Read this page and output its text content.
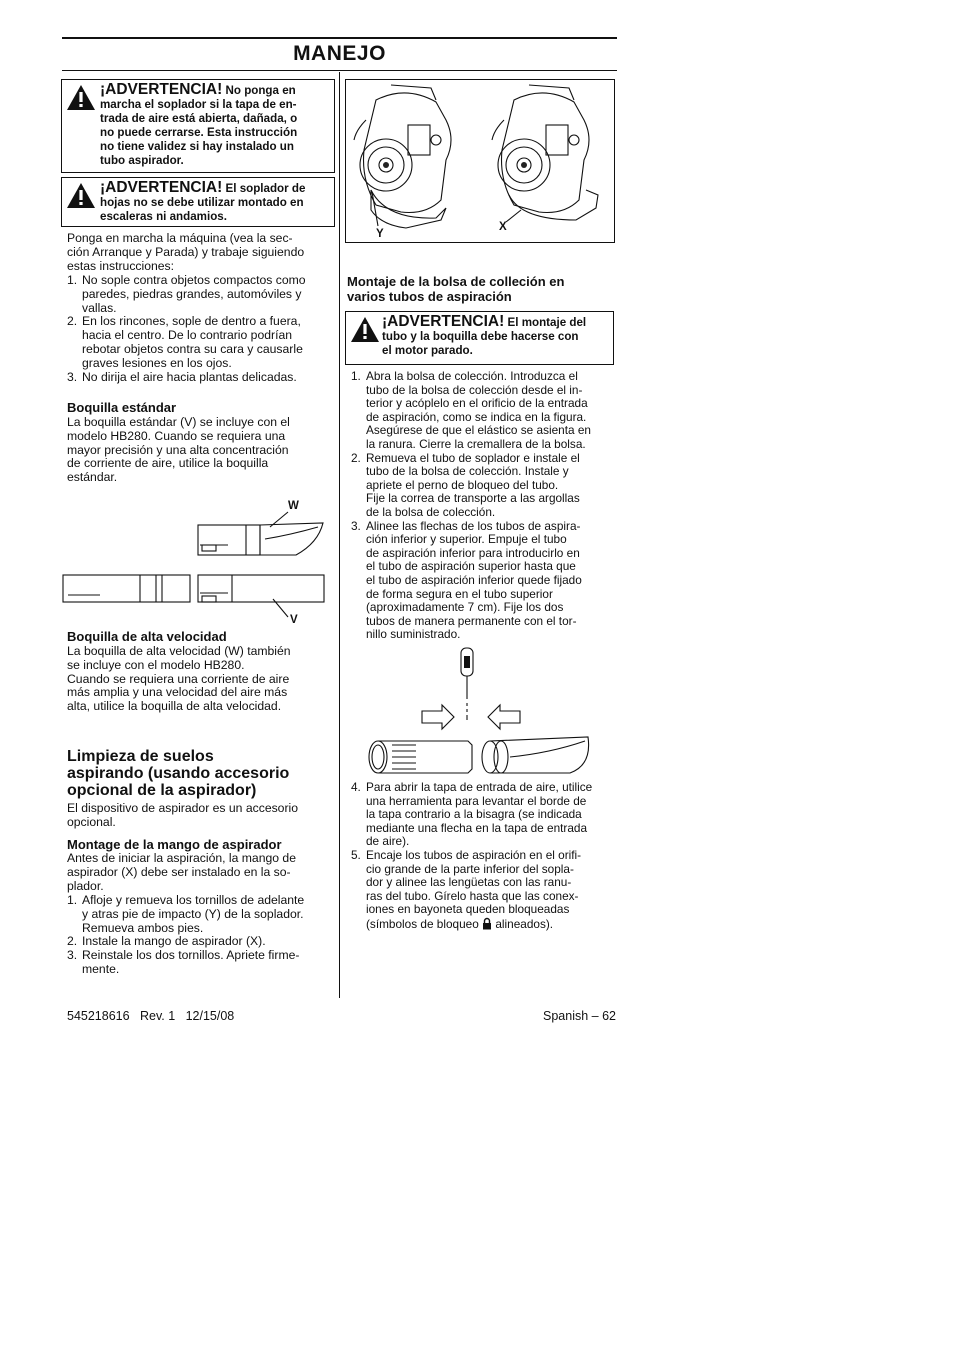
MANEJO
¡ADVERTENCIA! No ponga en
marcha el soplador si la tapa de en-
trada de aire está abierta, dañada, o
no puede cerrarse. Esta instrucción
no tiene validez si hay instalado un
tubo aspirador.
¡ADVERTENCIA! El soplador de
hojas no se debe utilizar montado en
escaleras ni andamios.
Ponga en marcha la máquina (vea la sec-
ción Arranque y Parada) y trabaje siguiendo
estas instrucciones:
1. No sople contra objetos compactos como
paredes, piedras grandes, automóviles y
vallas.
2. En los rincones, sople de dentro a fuera,
hacia el centro. De lo contrario podrían
rebotar objetos contra su cara y causarle
graves lesiones en los ojos.
3. No dirija el aire hacia plantas delicadas.
Boquilla estándar
La boquilla estándar (V) se incluye con el
modelo HB280. Cuando se requiera una
mayor precisión y una alta concentración
de corriente de aire, utilice la boquilla
estándar.
W
V
Boquilla de alta velocidad
La boquilla de alta velocidad (W) también
se incluye con el modelo HB280.
Cuando se requiera una corriente de aire
más amplia y una velocidad del aire más
alta, utilice la boquilla de alta velocidad.
Limpieza de suelos
aspirando (usando accesorio
opcional de la aspirador)
El dispositivo de aspirador es un accesorio
opcional.
Montage de la mango de aspirador
Antes de iniciar la aspiración, la mango de
aspirador (X) debe ser instalado en la so-
plador.
1. Afloje y remueva los tornillos de adelante
y atras pie de impacto (Y) de la soplador.
Remueva ambos pies.
2. Instale la mango de aspirador (X).
3. Reinstale los dos tornillos. Apriete firme-
mente.
Y
X
Montaje de la bolsa de colleción en
varios tubos de aspiración
¡ADVERTENCIA! El montaje del
tubo y la boquilla debe hacerse con
el motor parado.
1. Abra la bolsa de colección. Introduzca el
tubo de la bolsa de colección desde el in-
terior y acóplelo en el orificio de la entrada
de aspiración, como se indica en la figura.
Asegúrese de que el elástico se asienta en
la ranura. Cierre la cremallera de la bolsa.
2. Remueva el tubo de soplador e instale el
tubo de la bolsa de colección. Instale y
apriete el perno de bloqueo del tubo.
Fije la correa de transporte a las argollas
de la bolsa de colección.
3. Alinee las flechas de los tubos de aspira-
ción inferior y superior. Empuje el tubo
de aspiración inferior para introducirlo en
el tubo de aspiración superior hasta que
el tubo de aspiración inferior quede fijado
de forma segura en el tubo superior
(aproximadamente 7 cm). Fije los dos
tubos de manera permanente con el tor-
nillo suministrado.
4. Para abrir la tapa de entrada de aire, utilice
una herramienta para levantar el borde de
la tapa contrario a la bisagra (se indicada
mediante una flecha en la tapa de entrada
de aire).
5. Encaje los tubos de aspiración en el orifi-
cio grande de la parte inferior del sopla-
dor y alinee las lengüetas con las ranu-
ras del tubo. Gírelo hasta que las conex-
iones en bayoneta queden bloqueadas
(símbolos de bloqueo alineados).
545218616   Rev. 1   12/15/08	Spanish – 62
